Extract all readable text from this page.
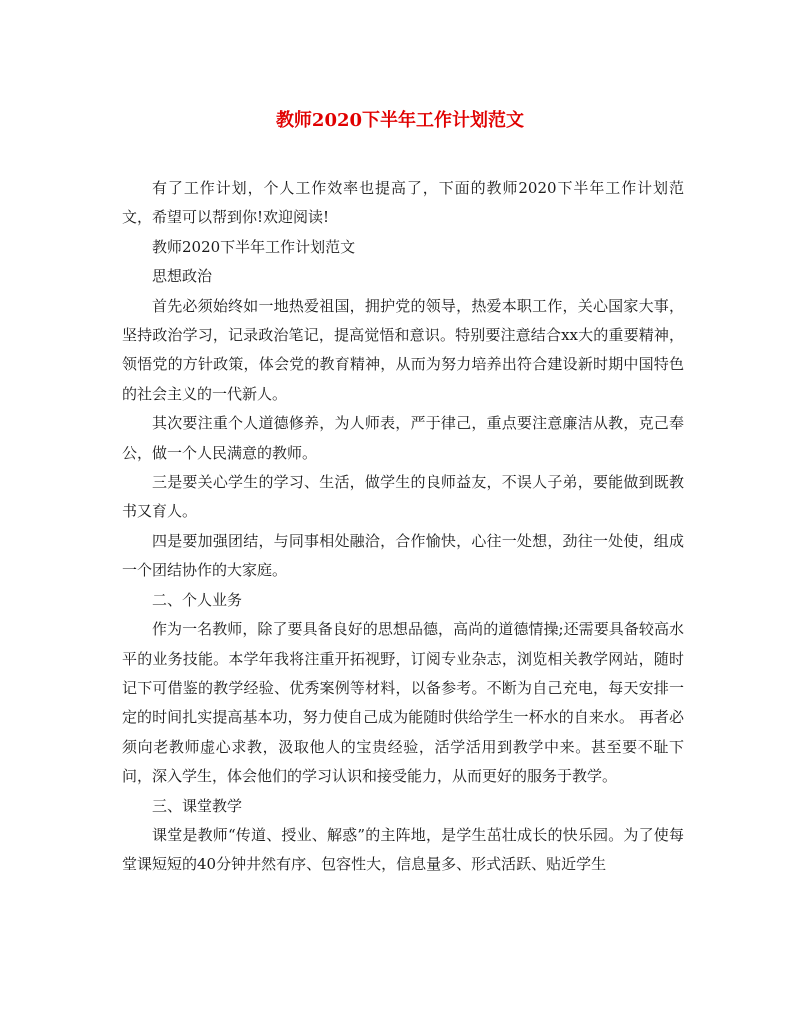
教师2020下半年工作计划范文

有了工作计划，个人工作效率也提高了，下面的教师2020下半年工作计划范文，希望可以帮到你!欢迎阅读!

教师2020下半年工作计划范文

思想政治

首先必须始终如一地热爱祖国，拥护党的领导，热爱本职工作，关心国家大事，坚持政治学习，记录政治笔记，提高觉悟和意识。特别要注意结合xx大的重要精神，领悟党的方针政策，体会党的教育精神，从而为努力培养出符合建设新时期中国特色的社会主义的一代新人。

其次要注重个人道德修养，为人师表，严于律己，重点要注意廉洁从教，克己奉公，做一个人民满意的教师。

三是要关心学生的学习、生活，做学生的良师益友，不误人子弟，要能做到既教书又育人。

四是要加强团结，与同事相处融洽，合作愉快，心往一处想，劲往一处使，组成一个团结协作的大家庭。

二、个人业务

作为一名教师，除了要具备良好的思想品德，高尚的道德情操;还需要具备较高水平的业务技能。本学年我将注重开拓视野，订阅专业杂志，浏览相关教学网站，随时记下可借鉴的教学经验、优秀案例等材料，以备参考。不断为自己充电，每天安排一定的时间扎实提高基本功，努力使自己成为能随时供给学生一杯水的自来水。 再者必须向老教师虚心求教，汲取他人的宝贵经验，活学活用到教学中来。甚至要不耻下问，深入学生，体会他们的学习认识和接受能力，从而更好的服务于教学。

三、课堂教学

课堂是教师“传道、授业、解惑”的主阵地，是学生茁壮成长的快乐园。为了使每堂课短短的40分钟井然有序、包容性大，信息量多、形式活跃、贴近学生
